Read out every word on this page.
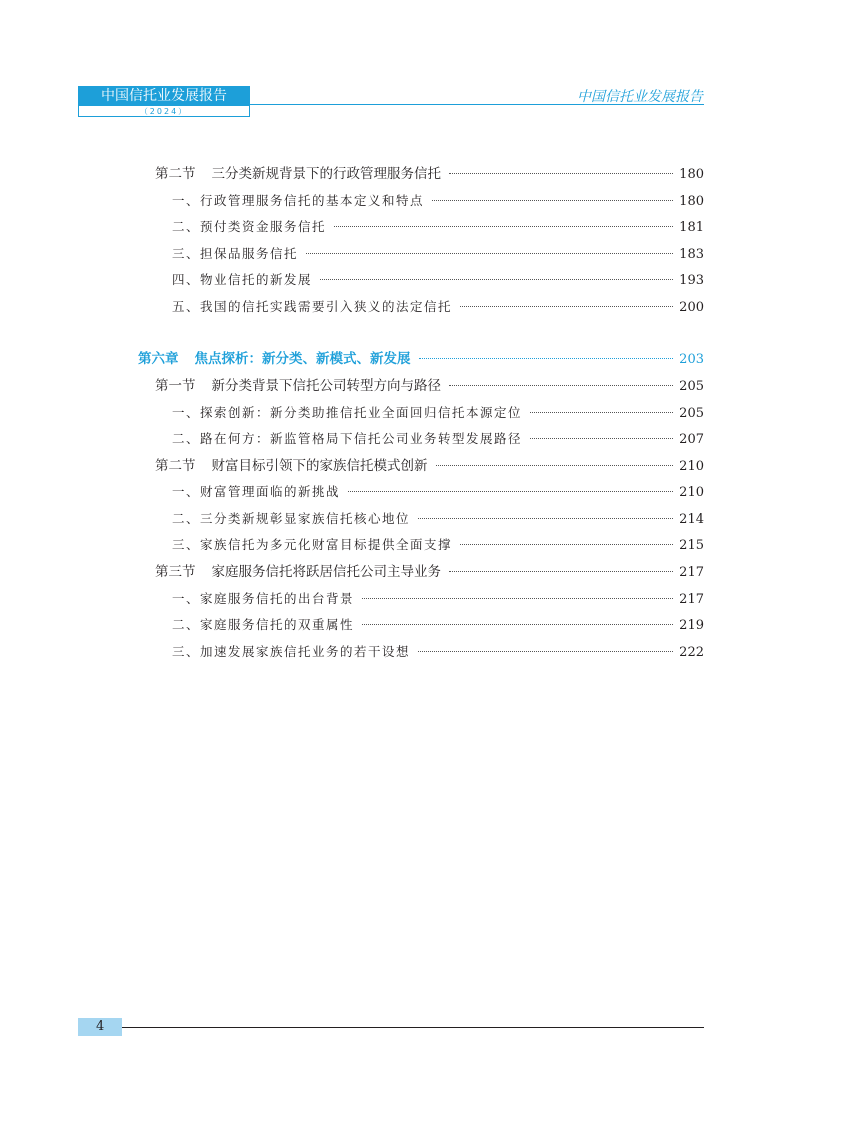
中国信托业发展报告
（2024）
中国信托业发展报告
第二节 三分类新规背景下的行政管理服务信托	180
一、行政管理服务信托的基本定义和特点	180
二、预付类资金服务信托	181
三、担保品服务信托	183
四、物业信托的新发展	193
五、我国的信托实践需要引入狭义的法定信托	200
第六章 焦点探析：新分类、新模式、新发展	203
第一节 新分类背景下信托公司转型方向与路径	205
一、探索创新：新分类助推信托业全面回归信托本源定位	205
二、路在何方：新监管格局下信托公司业务转型发展路径	207
第二节 财富目标引领下的家族信托模式创新	210
一、财富管理面临的新挑战	210
二、三分类新规彰显家族信托核心地位	214
三、家族信托为多元化财富目标提供全面支撑	215
第三节 家庭服务信托将跃居信托公司主导业务	217
一、家庭服务信托的出台背景	217
二、家庭服务信托的双重属性	219
三、加速发展家族信托业务的若干设想	222
4
